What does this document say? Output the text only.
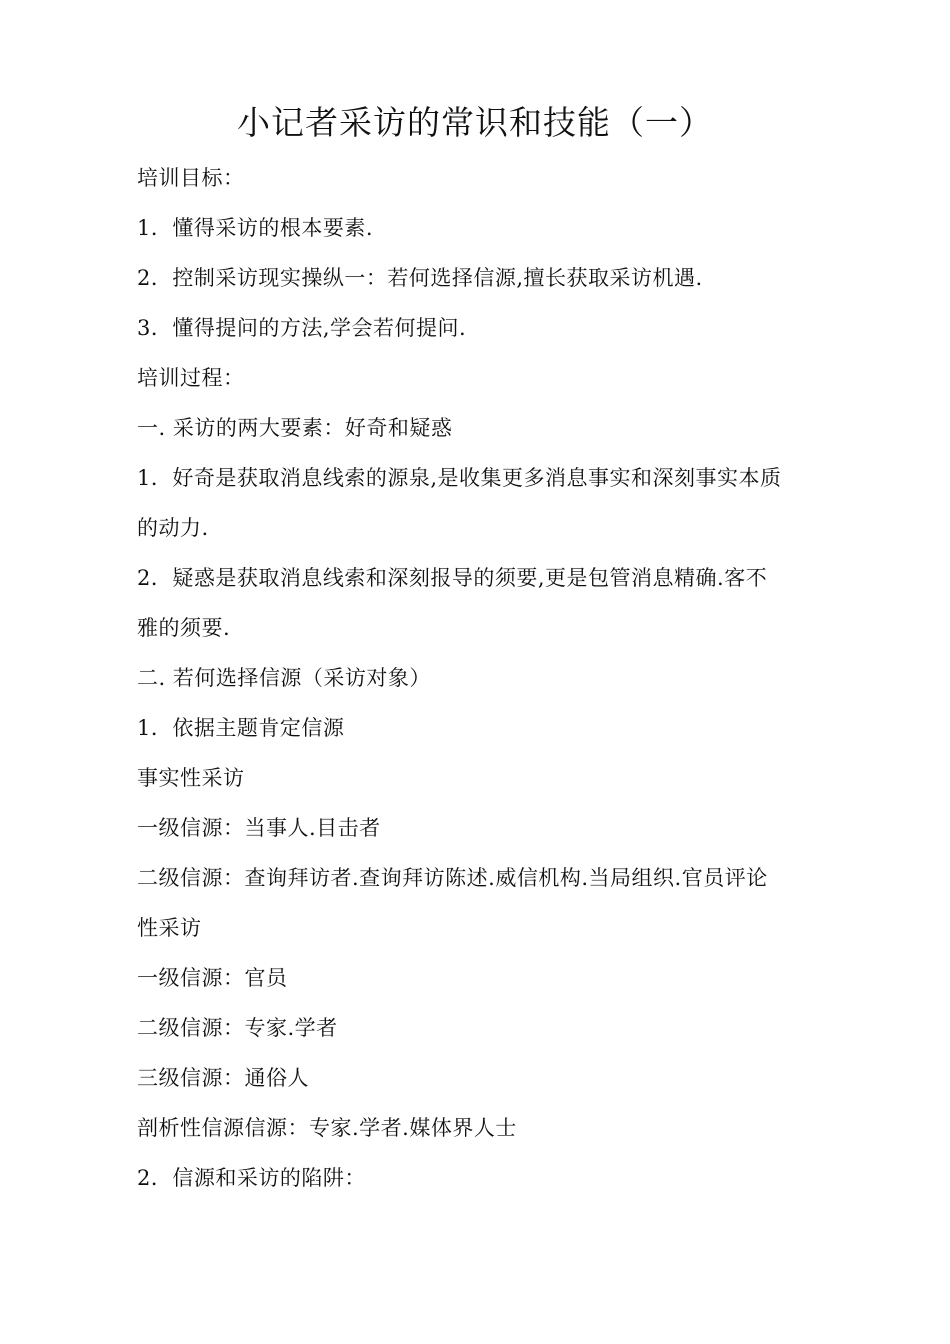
小记者采访的常识和技能（一）
培训目标：
1．懂得采访的根本要素.
2．控制采访现实操纵一：若何选择信源,擅长获取采访机遇.
3．懂得提问的方法,学会若何提问.
培训过程：
一. 采访的两大要素：好奇和疑惑
1．好奇是获取消息线索的源泉,是收集更多消息事实和深刻事实本质
的动力.
2．疑惑是获取消息线索和深刻报导的须要,更是包管消息精确.客不
雅的须要.
二. 若何选择信源（采访对象）
1．依据主题肯定信源
事实性采访
一级信源：当事人.目击者
二级信源：查询拜访者.查询拜访陈述.威信机构.当局组织.官员评论
性采访
一级信源：官员
二级信源：专家.学者
三级信源：通俗人
剖析性信源信源：专家.学者.媒体界人士
2．信源和采访的陷阱：
